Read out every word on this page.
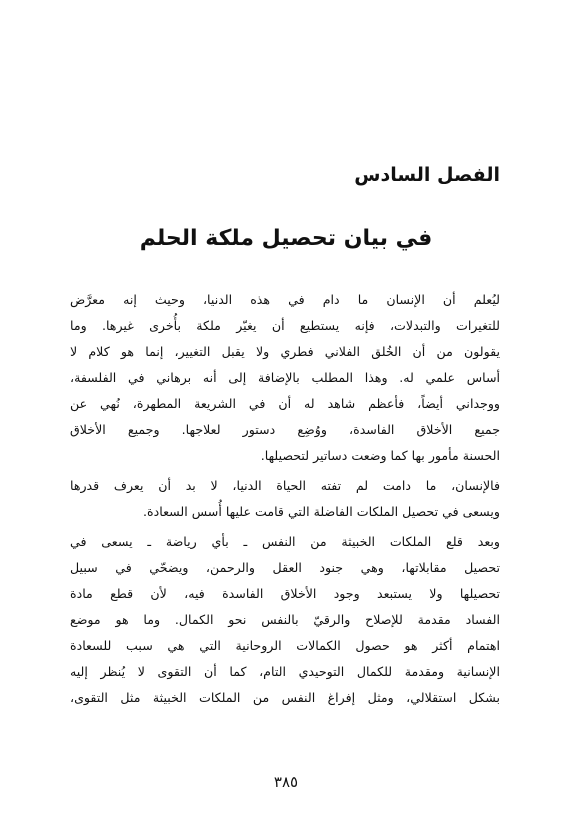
الفصل السادس
في بيان تحصيل ملكة الحلم
ليُعلم أن الإنسان ما دام في هذه الدنيا، وحيث إنه معرَّض
للتغيرات والتبدلات، فإنه يستطيع أن يغيّر ملكة بأُخرى غيرها. وما
يقولون من أن الخُلق الفلاني فطري ولا يقبل التغيير، إنما هو كلام لا
أساس علمي له. وهذا المطلب بالإضافة إلى أنه برهاني في الفلسفة،
ووجداني أيضاً، فأعظم شاهد له أن في الشريعة المطهرة، نُهي عن
جميع الأخلاق الفاسدة، ووُضِع دستور لعلاجها. وجميع الأخلاق
الحسنة مأمور بها كما وضعت دساتير لتحصيلها.
فالإنسان، ما دامت لم تفته الحياة الدنيا، لا بد أن يعرف قدرها
ويسعى في تحصيل الملكات الفاضلة التي قامت عليها أُسس السعادة.
وبعد قلع الملكات الخبيثة من النفس ـ بأي رياضة ـ يسعى في
تحصيل مقابلاتها، وهي جنود العقل والرحمن، ويضحّي في سبيل
تحصيلها ولا يستبعد وجود الأخلاق الفاسدة فيه، لأن قطع مادة
الفساد مقدمة للإصلاح والرقيّ بالنفس نحو الكمال. وما هو موضع
اهتمام أكثر هو حصول الكمالات الروحانية التي هي سبب للسعادة
الإنسانية ومقدمة للكمال التوحيدي التام، كما أن التقوى لا يُنظر إليه
بشكل استقلالي، ومثل إفراغ النفس من الملكات الخبيثة مثل التقوى،
٣٨٥
